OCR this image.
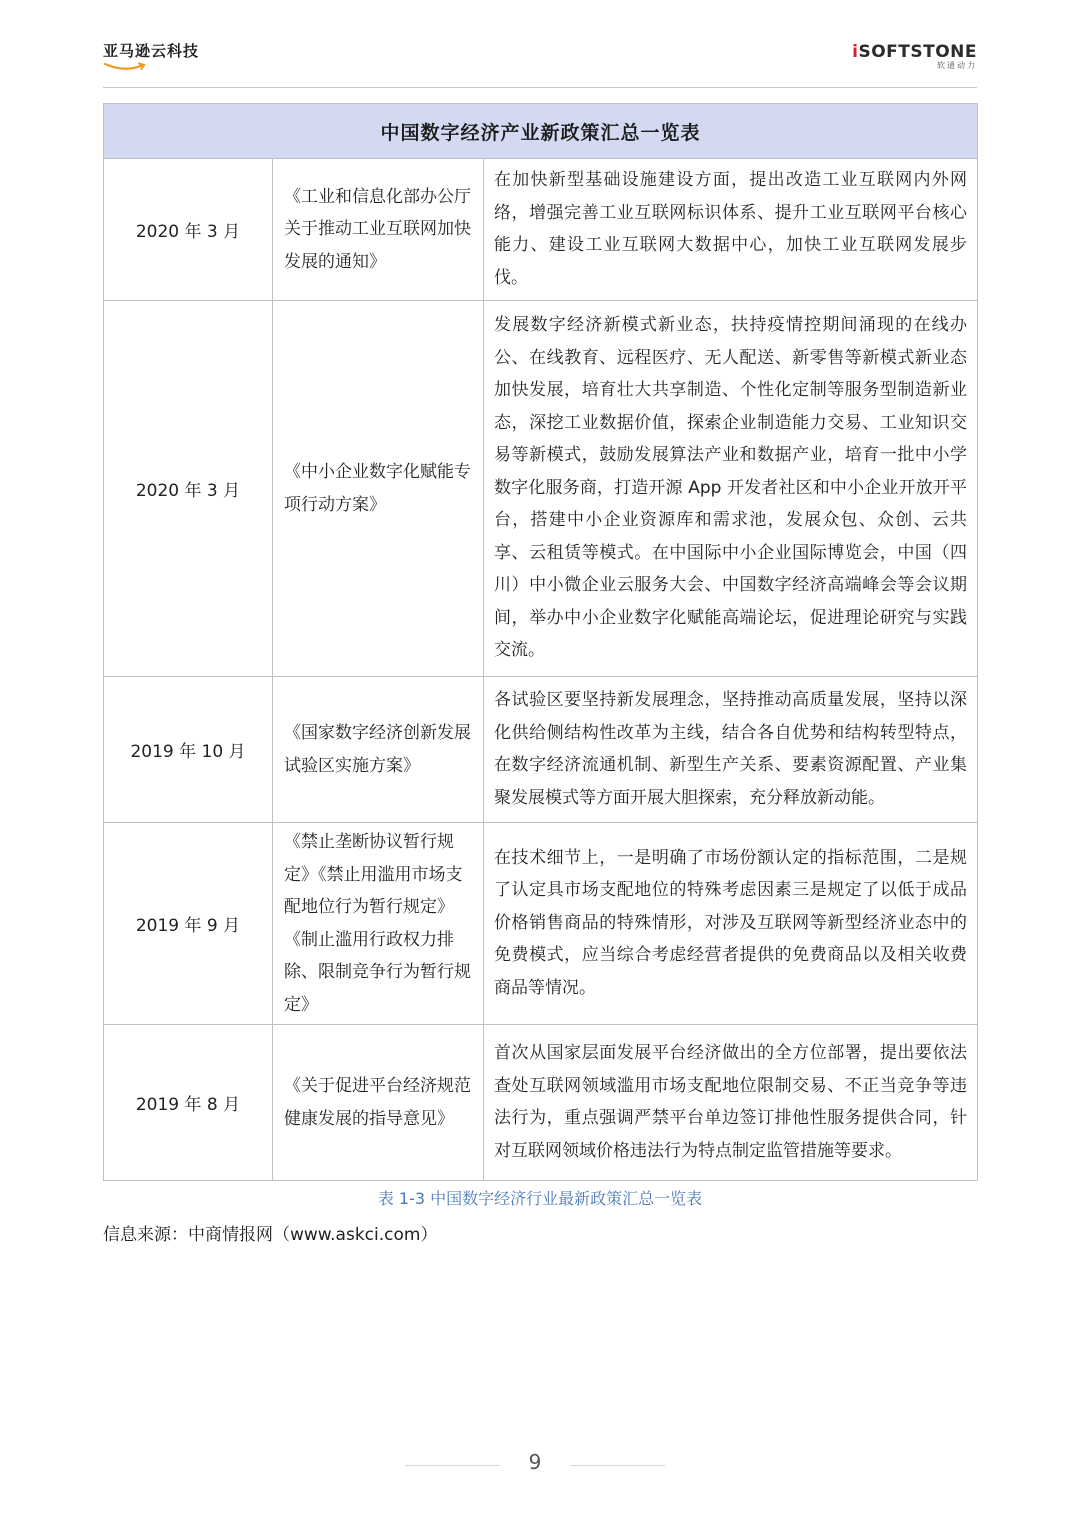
亚马逊云科技	iSOFTSTONE
软通动力
中国数字经济产业新政策汇总一览表		
2020 年 3 月	《工业和信息化部办公厅关于推动工业互联网加快发展的通知》	在加快新型基础设施建设方面，提出改造工业互联网内外网络，增强完善工业互联网标识体系、提升工业互联网平台核心能力、建设工业互联网大数据中心，加快工业互联网发展步伐。
2020 年 3 月	《中小企业数字化赋能专项行动方案》	发展数字经济新模式新业态，扶持疫情控期间涌现的在线办公、在线教育、远程医疗、无人配送、新零售等新模式新业态加快发展，培育壮大共享制造、个性化定制等服务型制造新业态，深挖工业数据价值，探索企业制造能力交易、工业知识交易等新模式，鼓励发展算法产业和数据产业，培育一批中小学数字化服务商，打造开源 App 开发者社区和中小企业开放开平台，搭建中小企业资源库和需求池，发展众包、众创、云共享、云租赁等模式。在中国际中小企业国际博览会，中国（四川）中小微企业云服务大会、中国数字经济高端峰会等会议期间，举办中小企业数字化赋能高端论坛，促进理论研究与实践交流。
2019 年 10 月	《国家数字经济创新发展试验区实施方案》	各试验区要坚持新发展理念，坚持推动高质量发展，坚持以深化供给侧结构性改革为主线，结合各自优势和结构转型特点，在数字经济流通机制、新型生产关系、要素资源配置、产业集聚发展模式等方面开展大胆探索，充分释放新动能。
2019 年 9 月	《禁止垄断协议暂行规定》《禁止用滥用市场支配地位行为暂行规定》《制止滥用行政权力排除、限制竞争行为暂行规定》	在技术细节上，一是明确了市场份额认定的指标范围，二是规了认定具市场支配地位的特殊考虑因素三是规定了以低于成品价格销售商品的特殊情形，对涉及互联网等新型经济业态中的免费模式，应当综合考虑经营者提供的免费商品以及相关收费商品等情况。
2019 年 8 月	《关于促进平台经济规范健康发展的指导意见》	首次从国家层面发展平台经济做出的全方位部署，提出要依法查处互联网领域滥用市场支配地位限制交易、不正当竞争等违法行为，重点强调严禁平台单边签订排他性服务提供合同，针对互联网领域价格违法行为特点制定监管措施等要求。
表 1-3 中国数字经济行业最新政策汇总一览表
信息来源：中商情报网（www.askci.com）
9
